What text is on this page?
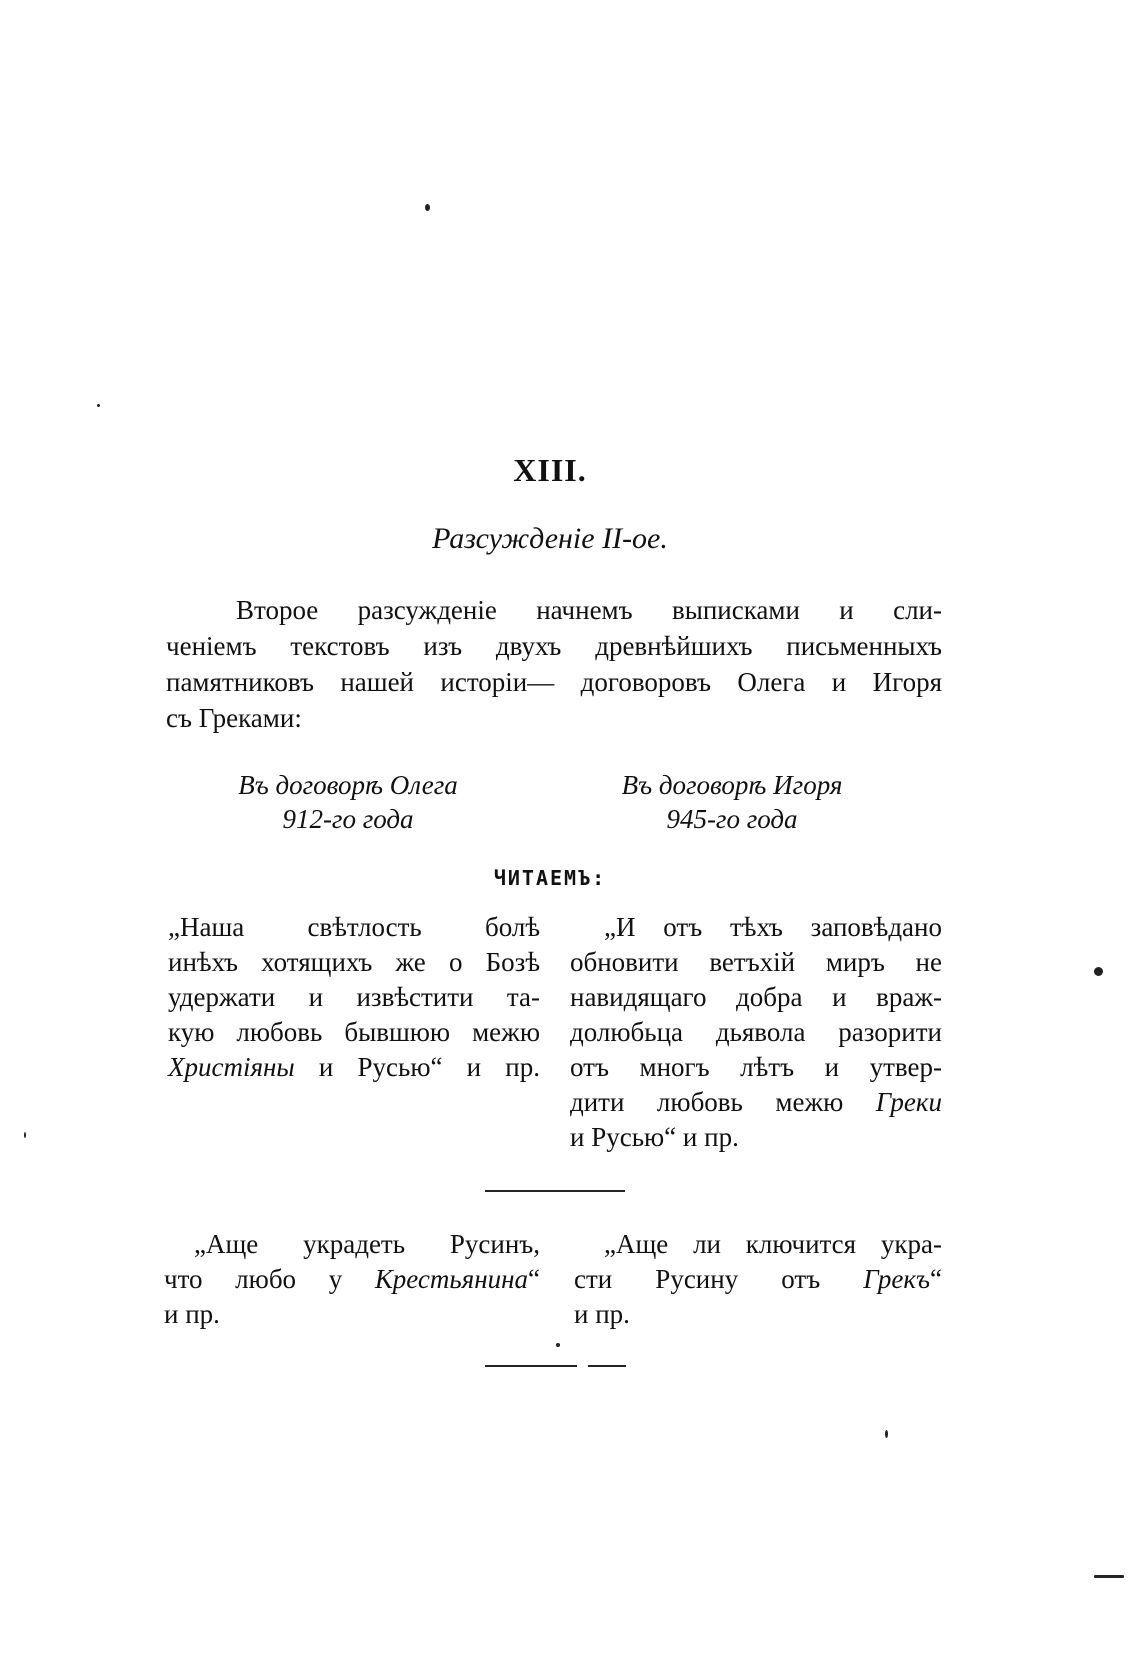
XIII.
Разсужденіе II-ое.
Второе разсужденіе начнемъ выписками и сли-
ченіемъ текстовъ изъ двухъ древнѣйшихъ письменныхъ
памятниковъ нашей исторіи— договоровъ Олега и Игоря
съ Греками:
Въ договорѣ Олега
912-го года
Въ договорѣ Игоря
945-го года
ЧИТАЕМЪ:
„Наша свѣтлость болѣ
инѣхъ хотящихъ же о Бозѣ
удержати и извѣстити та-
кую любовь бывшюю межю
Христіяны и Русью“ и пр.
„И отъ тѣхъ заповѣдано
обновити ветъхій миръ не
навидящаго добра и враж-
долюбьца дьявола разорити
отъ многъ лѣтъ и утвер-
дити любовь межю Греки
и Русью“ и пр.
„Аще украдеть Русинъ,
что любо у Крестьянина“
и пр.
„Аще ли ключится укра-
сти Русину отъ Грекъ“
и пр.
